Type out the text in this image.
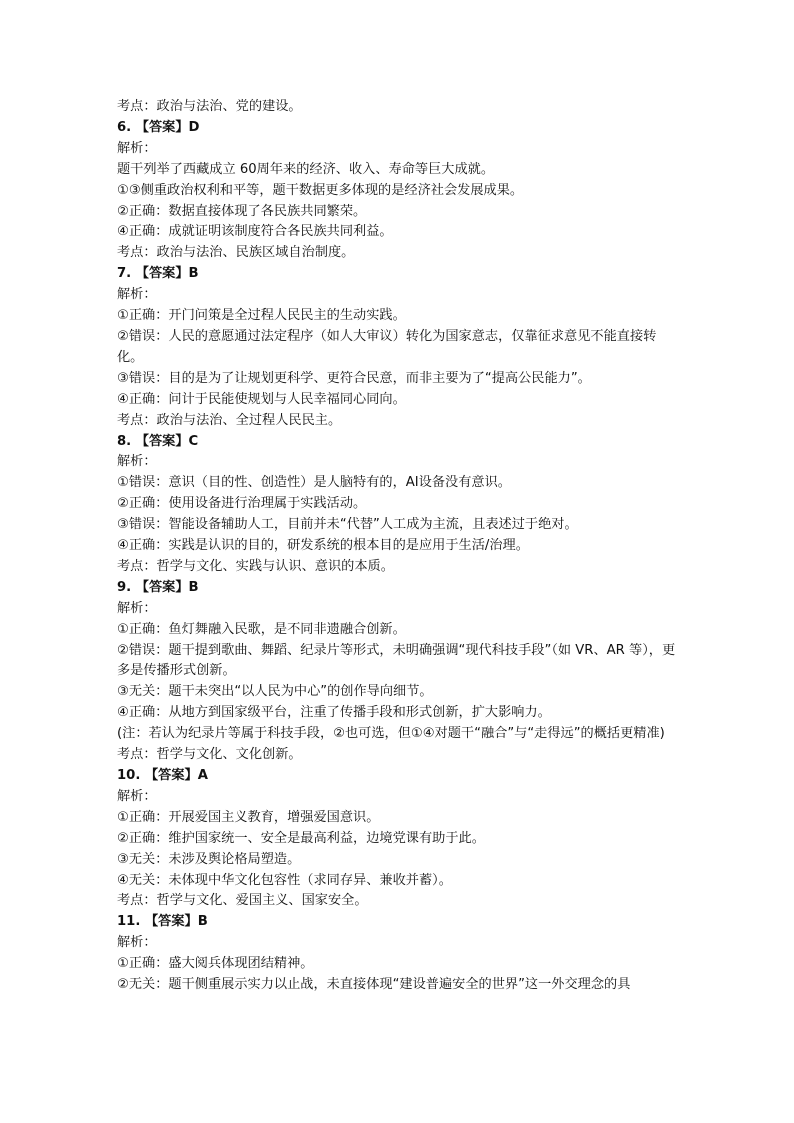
考点：政治与法治、党的建设。
6. 【答案】D
解析：
题干列举了西藏成立 60周年来的经济、收入、寿命等巨大成就。
①③侧重政治权利和平等，题干数据更多体现的是经济社会发展成果。
②正确：数据直接体现了各民族共同繁荣。
④正确：成就证明该制度符合各民族共同利益。
考点：政治与法治、民族区域自治制度。
7. 【答案】B
解析：
①正确：开门问策是全过程人民民主的生动实践。
②错误：人民的意愿通过法定程序（如人大审议）转化为国家意志，仅靠征求意见不能直接转化。
③错误：目的是为了让规划更科学、更符合民意，而非主要为了“提高公民能力”。
④正确：问计于民能使规划与人民幸福同心同向。
考点：政治与法治、全过程人民民主。
8. 【答案】C
解析：
①错误：意识（目的性、创造性）是人脑特有的，AI设备没有意识。
②正确：使用设备进行治理属于实践活动。
③错误：智能设备辅助人工，目前并未“代替”人工成为主流，且表述过于绝对。
④正确：实践是认识的目的，研发系统的根本目的是应用于生活/治理。
考点：哲学与文化、实践与认识、意识的本质。
9. 【答案】B
解析：
①正确：鱼灯舞融入民歌，是不同非遗融合创新。
②错误：题干提到歌曲、舞蹈、纪录片等形式，未明确强调“现代科技手段”（如 VR、AR 等），更多是传播形式创新。
③无关：题干未突出“以人民为中心”的创作导向细节。
④正确：从地方到国家级平台，注重了传播手段和形式创新，扩大影响力。
(注：若认为纪录片等属于科技手段，②也可选，但①④对题干“融合”与“走得远”的概括更精准)
考点：哲学与文化、文化创新。
10. 【答案】A
解析：
①正确：开展爱国主义教育，增强爱国意识。
②正确：维护国家统一、安全是最高利益，边境党课有助于此。
③无关：未涉及舆论格局塑造。
④无关：未体现中华文化包容性（求同存异、兼收并蓄）。
考点：哲学与文化、爱国主义、国家安全。
11. 【答案】B
解析：
①正确：盛大阅兵体现团结精神。
②无关：题干侧重展示实力以止战，未直接体现“建设普遍安全的世界”这一外交理念的具
